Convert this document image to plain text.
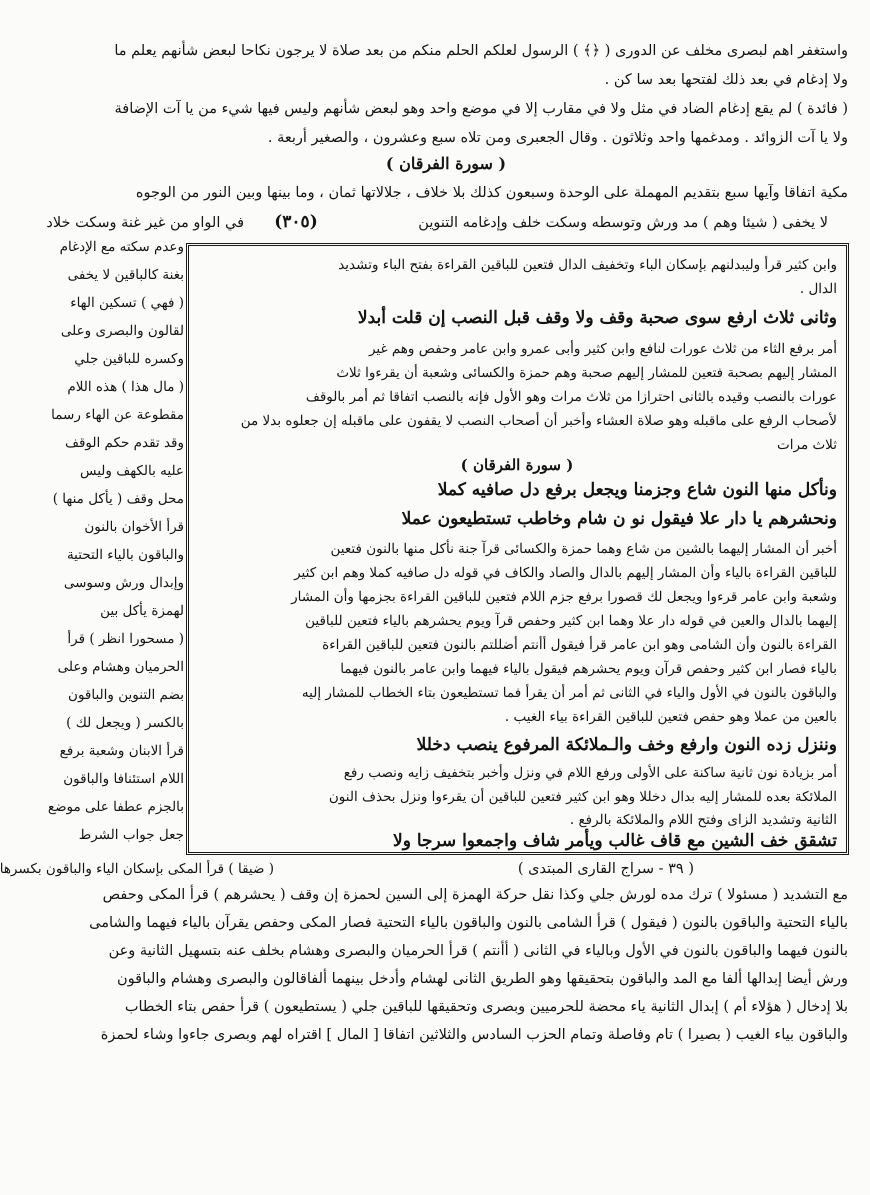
واستغفر اهم لبصرى مخلف عن الدورى ( ﴿﴾ ) الرسول لعلكم الحلم منكم من بعد صلاة لا يرجون نكاحا لبعض شأنهم يعلم ما
ولا إدغام في بعد ذلك لفتحها بعد سا كن .
( فائدة ) لم يقع إدغام الضاد في مثل ولا في مقارب إلا في موضع واحد وهو لبعض شأنهم وليس فيها شيء من يا آت الإضافة
ولا يا آت الزوائد . ومدغمها واحد وثلاثون . وقال الجعبرى ومن تلاه سبع وعشرون ، والصغير أربعة .
( سورة الفرقان )
مكية اتفاقا وآيها سبع بتقديم المهملة على الوحدة وسبعون كذلك بلا خلاف ، جلالاتها ثمان ، وما بينها وبين النور من الوجوه
لا يخفى ( شيئا وهم ) مد ورش وتوسطه وسكت خلف وإدغامه التنوين
(٣٠٥)
في الواو من غير غنة وسكت خلاد
وعدم سكته مع الإدغام
بغنة كالباقين لا يخفى
( فهي ) تسكين الهاء
لقالون والبصرى وعلى
وكسره للباقين جلي
( مال هذا ) هذه اللام
مقطوعة عن الهاء رسما
وقد تقدم حكم الوقف
عليه بالكهف وليس
محل وقف ( يأكل منها )
قرأ الأخوان بالنون
والباقون بالياء التحتية
وإبدال ورش وسوسى
لهمزة يأكل بين
( مسحورا انظر ) قرأ
الحرميان وهشام وعلى
بضم التنوين والباقون
بالكسر ( ويجعل لك )
قرأ الابنان وشعبة برفع
اللام استئنافا والباقون
بالجزم عطفا على موضع
جعل جواب الشرط
وابن كثير قرأ وليبدلنهم بإسكان الباء وتخفيف الدال فتعين للباقين القراءة بفتح الباء وتشديد
الدال .
وثانى ثلاث ارفع سوى صحبة وقف ولا وقف قبل النصب إن قلت أبدلا
أمر برفع الثاء من ثلاث عورات لنافع وابن كثير وأبى عمرو وابن عامر وحفص وهم غير
المشار إليهم بصحبة فتعين للمشار إليهم صحبة وهم حمزة والكسائى وشعبة أن يقرءوا ثلاث
عورات بالنصب وقيده بالثانى احترازا من ثلاث مرات وهو الأول فإنه بالنصب اتفاقا ثم أمر بالوقف
لأصحاب الرفع على ماقبله وهو صلاة العشاء وأخبر أن أصحاب النصب لا يقفون على ماقبله إن جعلوه بدلا من
ثلاث مرات
( سورة الفرقان )
ونأكل منها النون شاع وجزمنا ويجعل برفع دل صافيه كملا
ونحشرهم يا دار علا فيقول نو ن شام وخاطب تستطيعون عملا
أخبر أن المشار إليهما بالشين من شاع وهما حمزة والكسائى قرآ جنة نأكل منها بالنون فتعين
للباقين القراءة بالياء وأن المشار إليهم بالدال والصاد والكاف في قوله دل صافيه كملا وهم ابن كثير
وشعبة وابن عامر قرءوا ويجعل لك قصورا برفع جزم اللام فتعين للباقين القراءة بجزمها وأن المشار
إليهما بالدال والعين في قوله دار علا وهما ابن كثير وحفص قرآ ويوم يحشرهم بالياء فتعين للباقين
القراءة بالنون وأن الشامى وهو ابن عامر قرأ فيقول أأنتم أضللتم بالنون فتعين للباقين القراءة
بالياء فصار ابن كثير وحفص قرآن ويوم يحشرهم فيقول بالياء فيهما وابن عامر بالنون فيهما
والباقون بالنون في الأول والياء في الثانى ثم أمر أن يقرأ فما تستطيعون بتاء الخطاب للمشار إليه
بالعين من عملا وهو حفص فتعين للباقين القراءة بياء الغيب .
وننزل زده النون وارفع وخف والـملائكة المرفوع ينصب دخللا
أمر بزيادة نون ثانية ساكنة على الأولى ورفع اللام في ونزل وأخبر بتخفيف زايه ونصب رفع
الملائكة بعده للمشار إليه بدال دخللا وهو ابن كثير فتعين للباقين أن يقرءوا ونزل بحذف النون
الثانية وتشديد الزاى وفتح اللام والملائكة بالرفع .
تشقق خف الشين مع قاف غالب ويأمر شاف واجمعوا سرجا ولا
( ٣٩ - سراج القارى المبتدى )
( ضيقا ) قرأ المكى بإسكان الياء والباقون بكسرها
مع التشديد ( مسئولا ) ترك مده لورش جلي وكذا نقل حركة الهمزة إلى السين لحمزة إن وقف ( يحشرهم ) قرأ المكى وحفص
بالياء التحتية والباقون بالنون ( فيقول ) قرأ الشامى بالنون والباقون بالياء التحتية فصار المكى وحفص يقرآن بالياء فيهما والشامى
بالنون فيهما والباقون بالنون في الأول وبالياء في الثانى ( أأنتم ) قرأ الحرميان والبصرى وهشام بخلف عنه بتسهيل الثانية وعن
ورش أيضا إبدالها ألفا مع المد والباقون بتحقيقها وهو الطريق الثانى لهشام وأدخل بينهما ألفاقالون والبصرى وهشام والباقون
بلا إدخال ( هؤلاء أم ) إبدال الثانية ياء محضة للحرميين وبصرى وتحقيقها للباقين جلي ( يستطيعون ) قرأ حفص بتاء الخطاب
والباقون بياء الغيب ( بصيرا ) تام وفاصلة وتمام الحزب السادس والثلاثين اتفاقا [ المال ] اقتراه لهم وبصرى جاءوا وشاء لحمزة
